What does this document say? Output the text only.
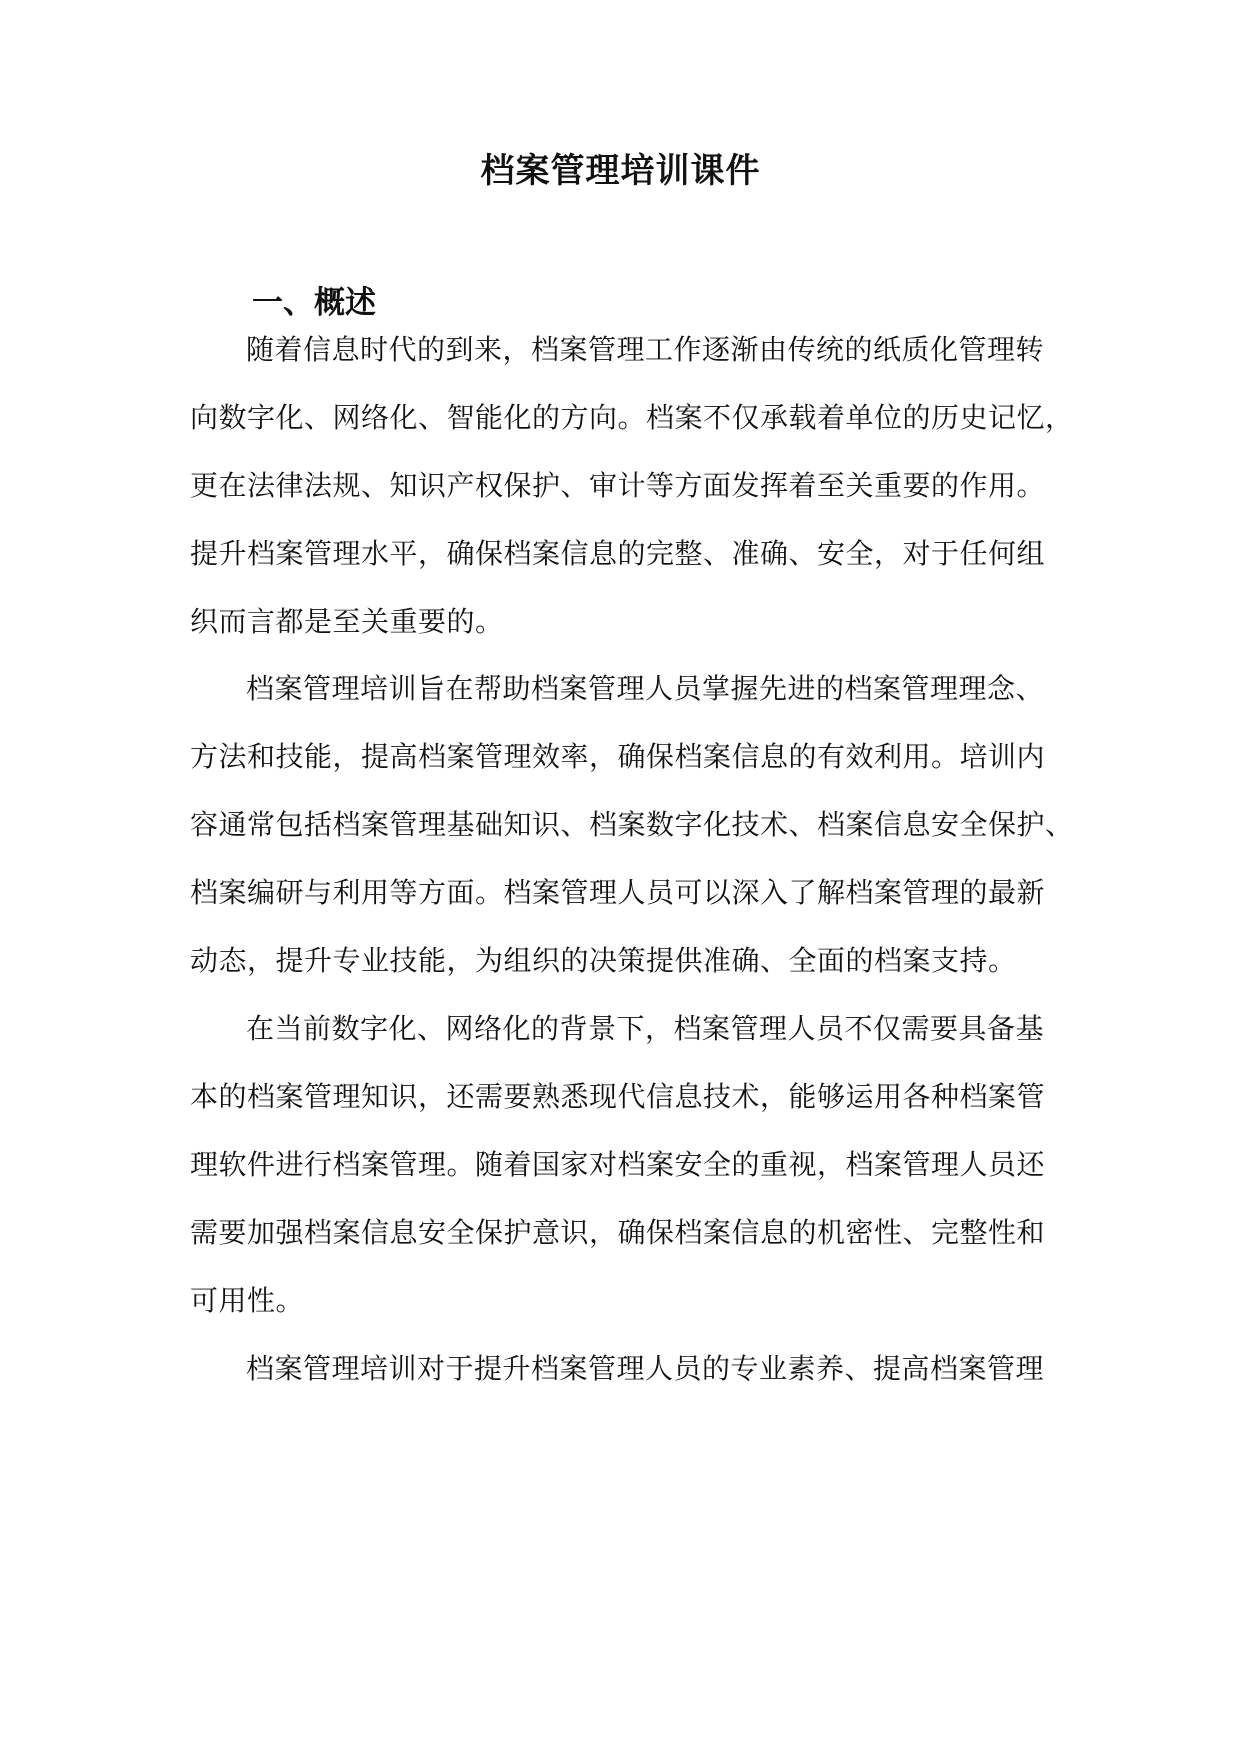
档案管理培训课件
一、概述
随着信息时代的到来，档案管理工作逐渐由传统的纸质化管理转
向数字化、网络化、智能化的方向。档案不仅承载着单位的历史记忆，
更在法律法规、知识产权保护、审计等方面发挥着至关重要的作用。
提升档案管理水平，确保档案信息的完整、准确、安全，对于任何组
织而言都是至关重要的。
档案管理培训旨在帮助档案管理人员掌握先进的档案管理理念、
方法和技能，提高档案管理效率，确保档案信息的有效利用。培训内
容通常包括档案管理基础知识、档案数字化技术、档案信息安全保护、
档案编研与利用等方面。档案管理人员可以深入了解档案管理的最新
动态，提升专业技能，为组织的决策提供准确、全面的档案支持。
在当前数字化、网络化的背景下，档案管理人员不仅需要具备基
本的档案管理知识，还需要熟悉现代信息技术，能够运用各种档案管
理软件进行档案管理。随着国家对档案安全的重视，档案管理人员还
需要加强档案信息安全保护意识，确保档案信息的机密性、完整性和
可用性。
档案管理培训对于提升档案管理人员的专业素养、提高档案管理
